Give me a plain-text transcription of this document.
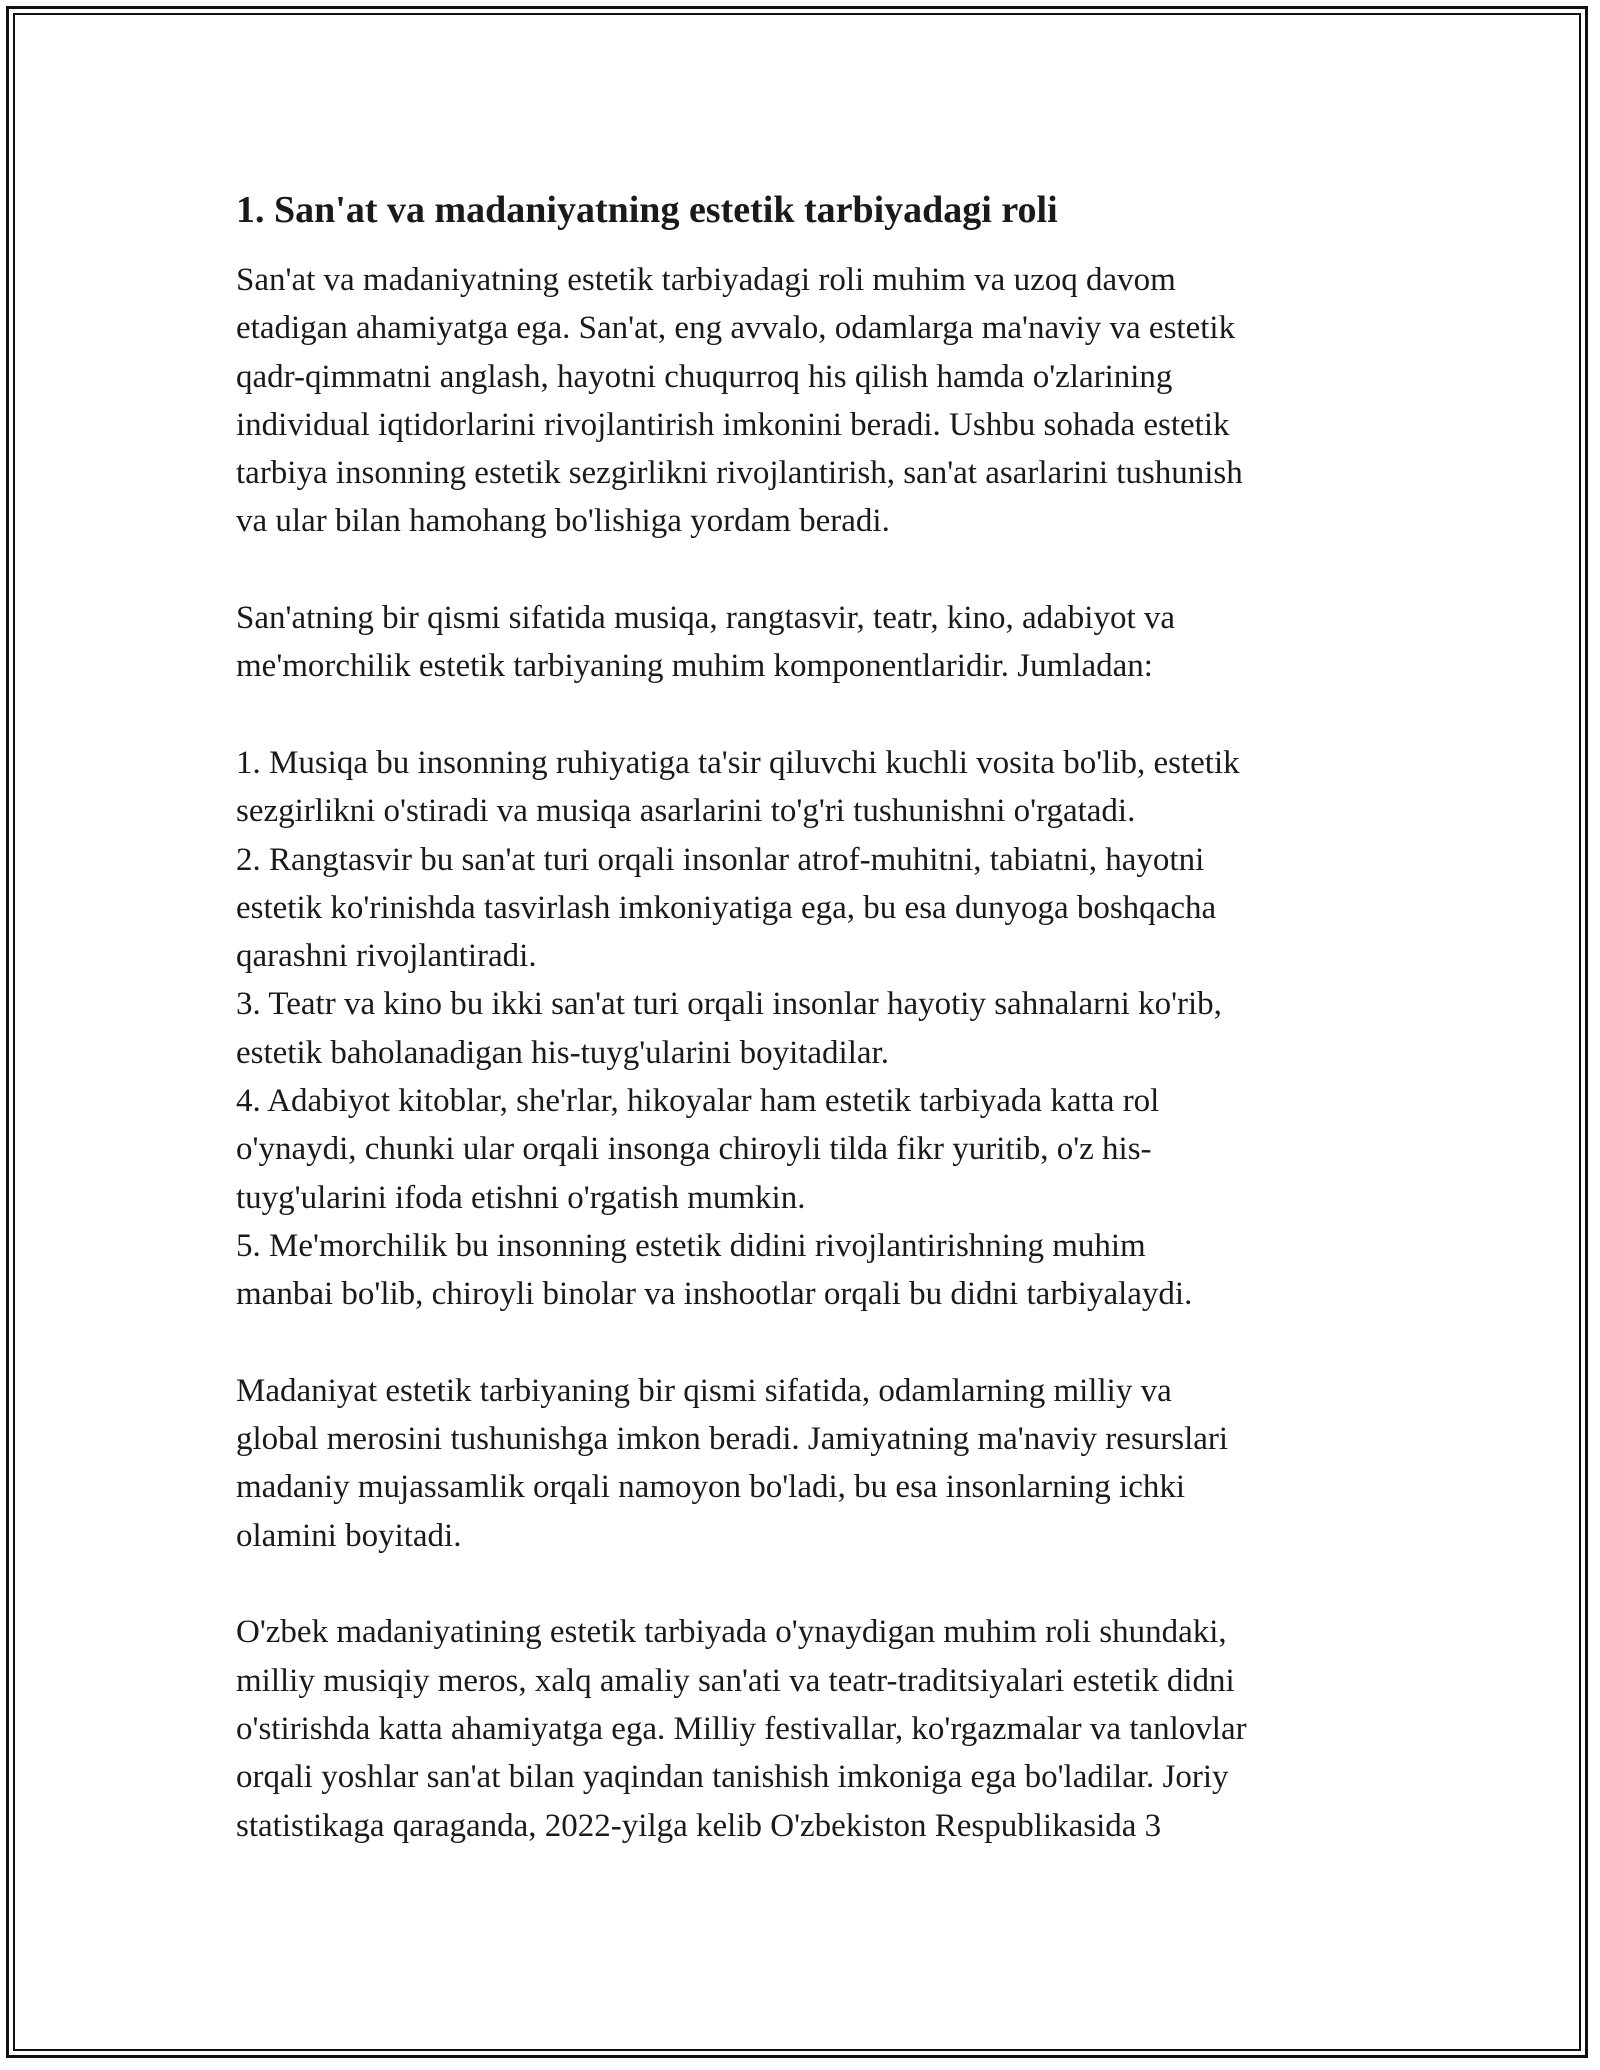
1. San'at va madaniyatning estetik tarbiyadagi roli
San'at va madaniyatning estetik tarbiyadagi roli muhim va uzoq davom
etadigan ahamiyatga ega. San'at, eng avvalo, odamlarga ma'naviy va estetik
qadr-qimmatni anglash, hayotni chuqurroq his qilish hamda o'zlarining
individual iqtidorlarini rivojlantirish imkonini beradi. Ushbu sohada estetik
tarbiya insonning estetik sezgirlikni rivojlantirish, san'at asarlarini tushunish
va ular bilan hamohang bo'lishiga yordam beradi.
San'atning bir qismi sifatida musiqa, rangtasvir, teatr, kino, adabiyot va
me'morchilik estetik tarbiyaning muhim komponentlaridir. Jumladan:
1. Musiqa bu insonning ruhiyatiga ta'sir qiluvchi kuchli vosita bo'lib, estetik
sezgirlikni o'stiradi va musiqa asarlarini to'g'ri tushunishni o'rgatadi.
2. Rangtasvir bu san'at turi orqali insonlar atrof-muhitni, tabiatni, hayotni
estetik ko'rinishda tasvirlash imkoniyatiga ega, bu esa dunyoga boshqacha
qarashni rivojlantiradi.
3. Teatr va kino bu ikki san'at turi orqali insonlar hayotiy sahnalarni ko'rib,
estetik baholanadigan his-tuyg'ularini boyitadilar.
4. Adabiyot kitoblar, she'rlar, hikoyalar ham estetik tarbiyada katta rol
o'ynaydi, chunki ular orqali insonga chiroyli tilda fikr yuritib, o'z his-
tuyg'ularini ifoda etishni o'rgatish mumkin.
5. Me'morchilik bu insonning estetik didini rivojlantirishning muhim
manbai bo'lib, chiroyli binolar va inshootlar orqali bu didni tarbiyalaydi.
Madaniyat estetik tarbiyaning bir qismi sifatida, odamlarning milliy va
global merosini tushunishga imkon beradi. Jamiyatning ma'naviy resurslari
madaniy mujassamlik orqali namoyon bo'ladi, bu esa insonlarning ichki
olamini boyitadi.
O'zbek madaniyatining estetik tarbiyada o'ynaydigan muhim roli shundaki,
milliy musiqiy meros, xalq amaliy san'ati va teatr-traditsiyalari estetik didni
o'stirishda katta ahamiyatga ega. Milliy festivallar, ko'rgazmalar va tanlovlar
orqali yoshlar san'at bilan yaqindan tanishish imkoniga ega bo'ladilar. Joriy
statistikaga qaraganda, 2022-yilga kelib O'zbekiston Respublikasida 3
